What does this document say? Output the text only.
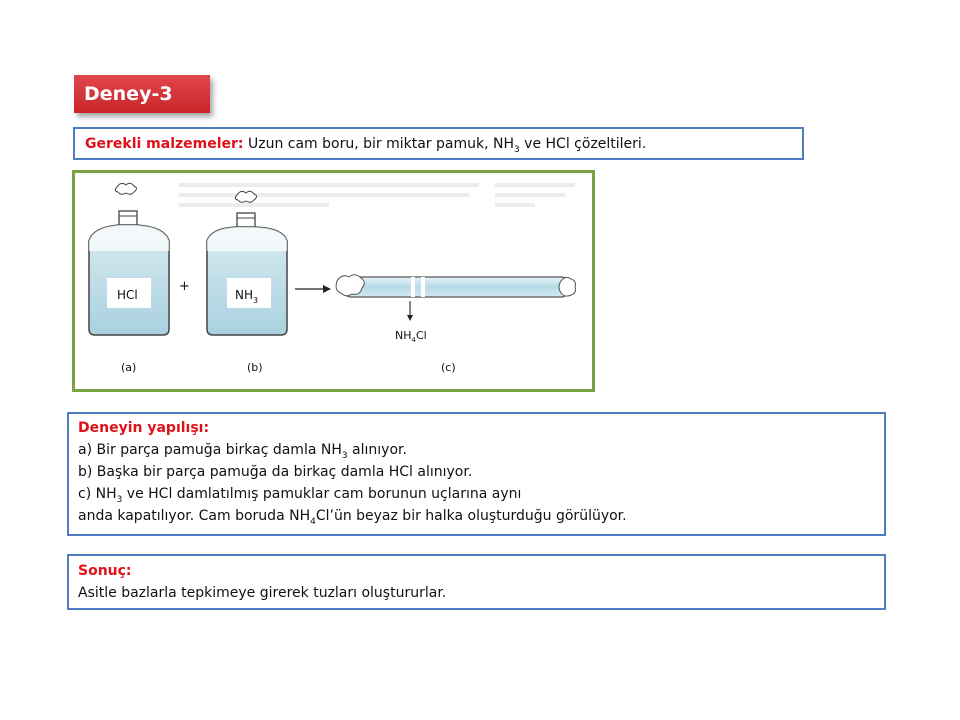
Deney-3
Gerekli malzemeler: Uzun cam boru, bir miktar pamuk, $NH_3$ ve HCl çözeltileri.
HCl
+
$NH_3$
$NH_4Cl$
(a)	(b)	(c)
Deneyin yapılışı:
a) Bir parça pamuğa birkaç damla $NH_3$ alınıyor.
b) Başka bir parça pamuğa da birkaç damla HCl alınıyor.
c) $NH_3$ ve HCl damlatılmış pamuklar cam borunun uçlarına aynı
anda kapatılıyor. Cam boruda $NH_4Cl’ün$ beyaz bir halka oluşturduğu görülüyor.
Sonuç:
Asitle bazlarla tepkimeye girerek tuzları oluştururlar.
